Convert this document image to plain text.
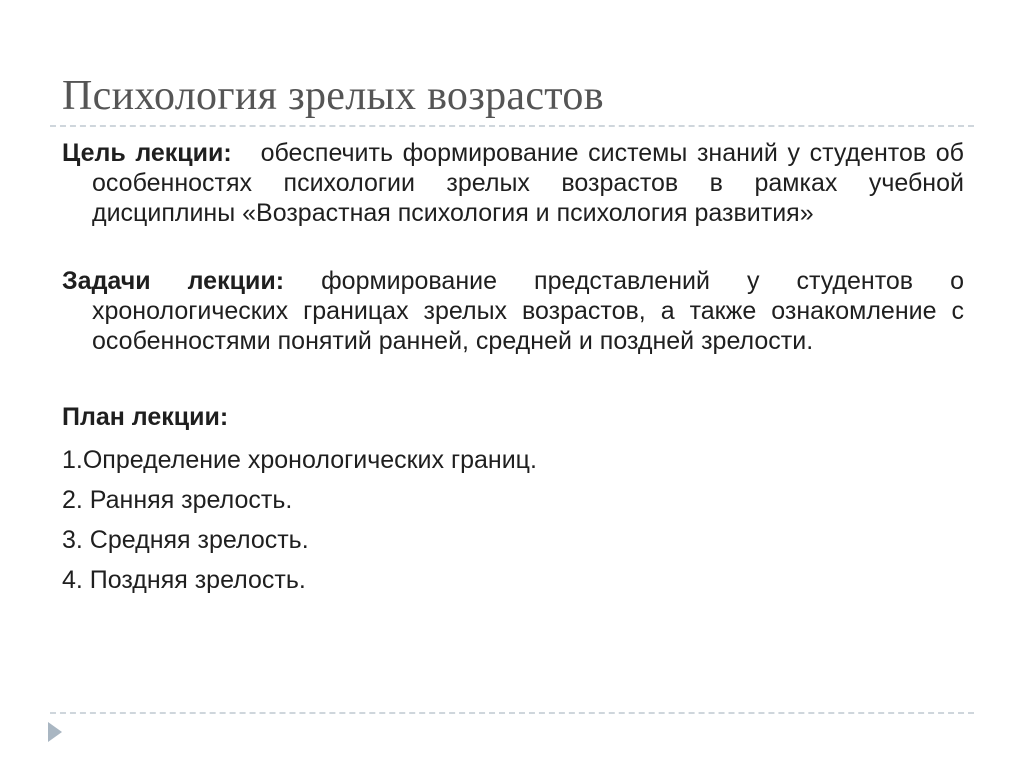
Психология зрелых возрастов

Цель лекции: обеспечить формирование системы знаний у студентов об особенностях психологии зрелых возрастов в рамках учебной дисциплины «Возрастная психология и психология развития»

Задачи лекции: формирование представлений у студентов о хронологических границах зрелых возрастов, а также ознакомление с особенностями понятий ранней, средней и поздней зрелости.

План лекции:
1.Определение хронологических границ.
2. Ранняя зрелость.
3. Средняя зрелость.
4. Поздняя зрелость.
